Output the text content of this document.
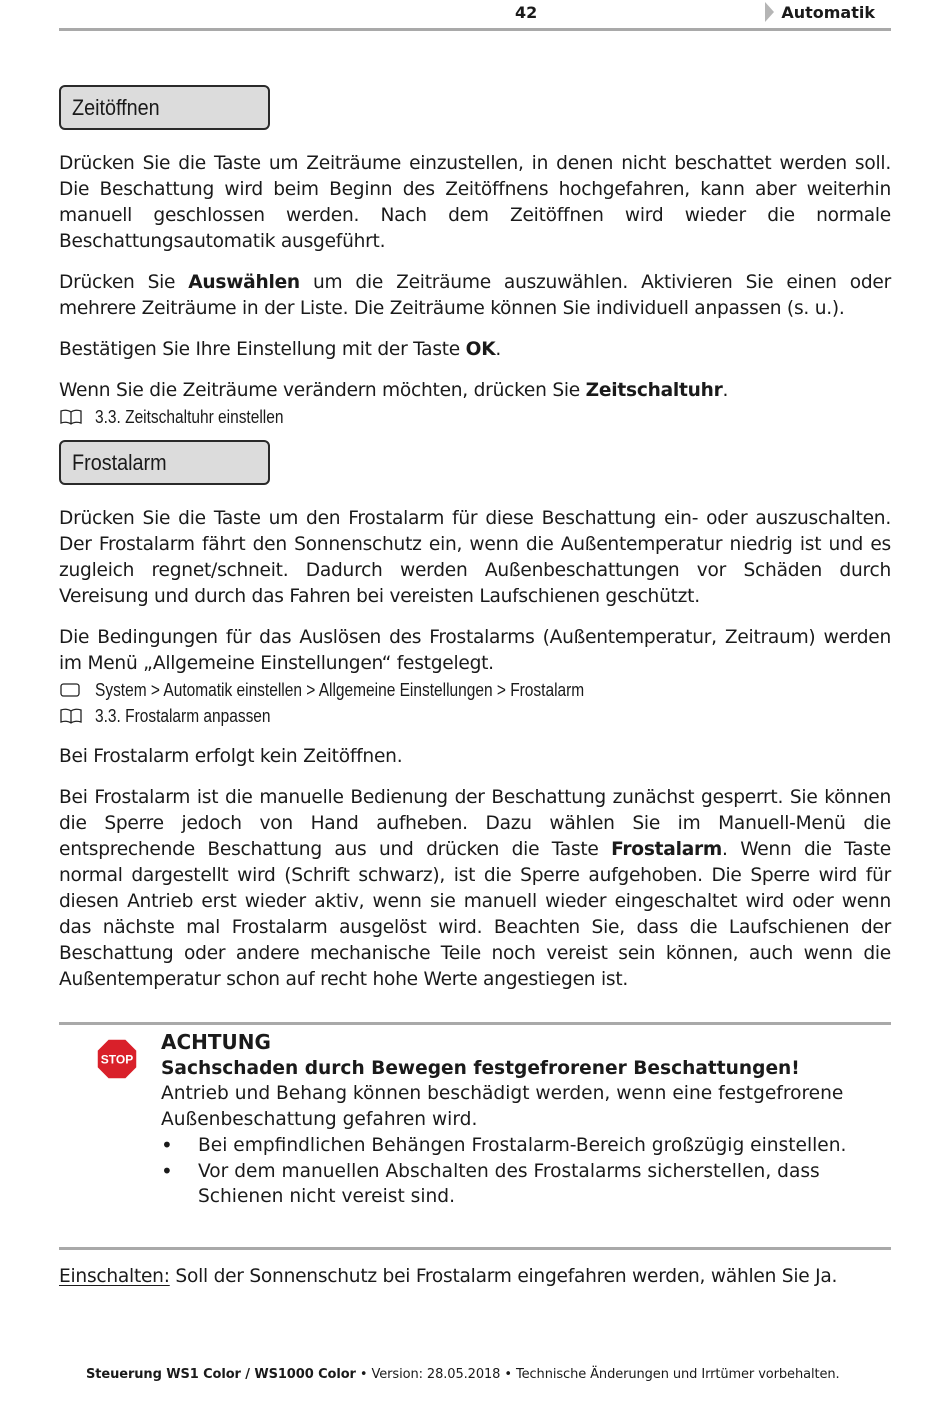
42	Automatik
Zeitöffnen

Drücken Sie die Taste um Zeiträume einzustellen, in denen nicht beschattet werden soll. Die Beschattung wird beim Beginn des Zeitöffnens hochgefahren, kann aber weiterhin manuell geschlossen werden. Nach dem Zeitöffnen wird wieder die normale Beschattungsautomatik ausgeführt.

Drücken Sie Auswählen um die Zeiträume auszuwählen. Aktivieren Sie einen oder mehrere Zeiträume in der Liste. Die Zeiträume können Sie individuell anpassen (s. u.).

Bestätigen Sie Ihre Einstellung mit der Taste OK.

Wenn Sie die Zeiträume verändern möchten, drücken Sie Zeitschaltuhr.

3.3. Zeitschaltuhr einstellen
Frostalarm

Drücken Sie die Taste um den Frostalarm für diese Beschattung ein- oder auszuschalten. Der Frostalarm fährt den Sonnenschutz ein, wenn die Außentemperatur niedrig ist und es zugleich regnet/schneit. Dadurch werden Außenbeschattungen vor Schäden durch Vereisung und durch das Fahren bei vereisten Laufschienen geschützt.

Die Bedingungen für das Auslösen des Frostalarms (Außentemperatur, Zeitraum) werden im Menü „Allgemeine Einstellungen“ festgelegt.

System > Automatik einstellen > Allgemeine Einstellungen > Frostalarm
3.3. Frostalarm anpassen

Bei Frostalarm erfolgt kein Zeitöffnen.

Bei Frostalarm ist die manuelle Bedienung der Beschattung zunächst gesperrt. Sie können die Sperre jedoch von Hand aufheben. Dazu wählen Sie im Manuell-Menü die entsprechende Beschattung aus und drücken die Taste Frostalarm. Wenn die Taste normal dargestellt wird (Schrift schwarz), ist die Sperre aufgehoben. Die Sperre wird für diesen Antrieb erst wieder aktiv, wenn sie manuell wieder eingeschaltet wird oder wenn das nächste mal Frostalarm ausgelöst wird. Beachten Sie, dass die Laufschienen der Beschattung oder andere mechanische Teile noch vereist sein können, auch wenn die Außentemperatur schon auf recht hohe Werte angestiegen ist.

STOP
ACHTUNG
Sachschaden durch Bewegen festgefrorener Beschattungen!
Antrieb und Behang können beschädigt werden, wenn eine festgefrorene Außenbeschattung gefahren wird.
• Bei empfindlichen Behängen Frostalarm-Bereich großzügig einstellen.
• Vor dem manuellen Abschalten des Frostalarms sicherstellen, dass Schienen nicht vereist sind.

Einschalten: Soll der Sonnenschutz bei Frostalarm eingefahren werden, wählen Sie Ja.

Steuerung WS1 Color / WS1000 Color • Version: 28.05.2018 • Technische Änderungen und Irrtümer vorbehalten.
